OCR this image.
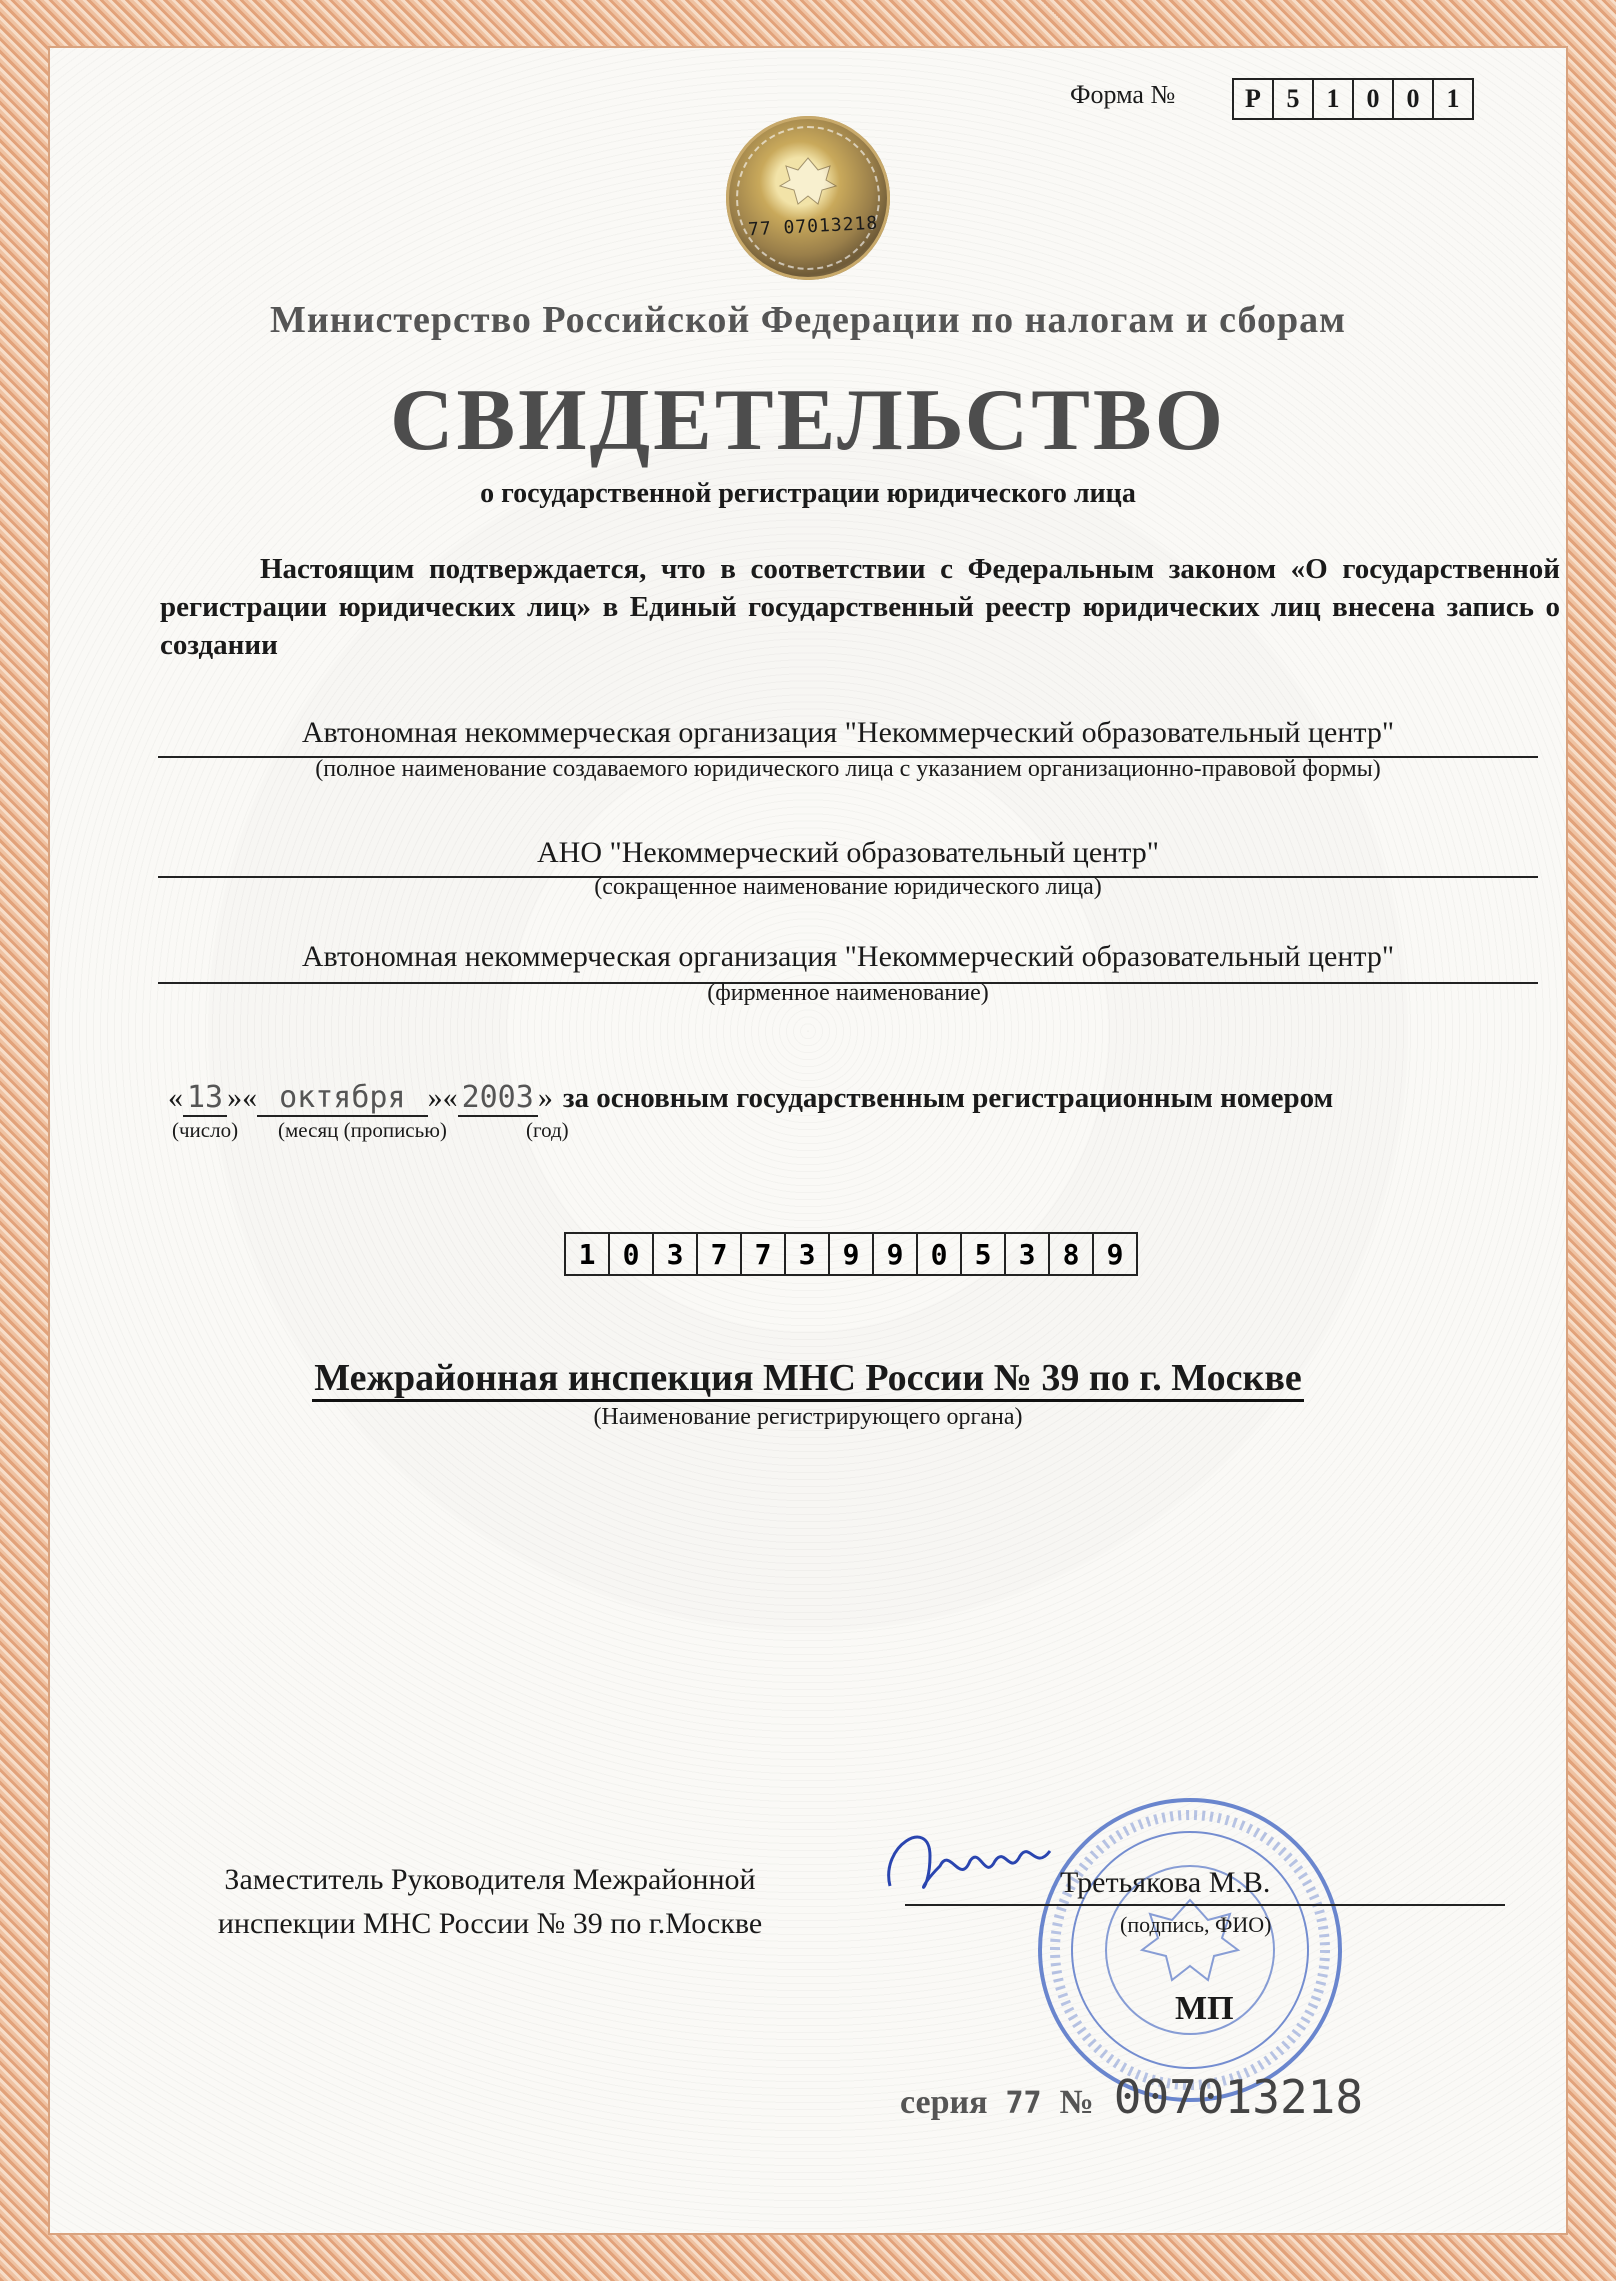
Форма №	Р 5	1	0	0	1
77 07013218
Министерство Российской Федерации по налогам и сборам
СВИДЕТЕЛЬСТВО
о государственной регистрации юридического лица
Настоящим подтверждается, что в соответствии с Федеральным законом «О государственной регистрации юридических лиц» в Единый государственный реестр юридических лиц внесена запись о создании
Автономная некоммерческая организация "Некоммерческий образовательный центр"
(полное наименование создаваемого юридического лица с указанием организационно-правовой формы)
АНО "Некоммерческий образовательный центр"
(сокращенное наименование юридического лица)
Автономная некоммерческая организация "Некоммерческий образовательный центр"
(фирменное наименование)
« 13 »« октября »« 2003 » за основным государственным регистрационным номером
(число) (месяц (прописью)	(год)
1 0 3 7 7 3 9 9 0 5 3 8 9
Межрайонная инспекция МНС России № 39 по г. Москве
(Наименование регистрирующего органа)
Заместитель Руководителя Межрайонной инспекции МНС России № 39 по г.Москве
Третьякова М.В.
(подпись, ФИО)
МП
серия 77 № 007013218
